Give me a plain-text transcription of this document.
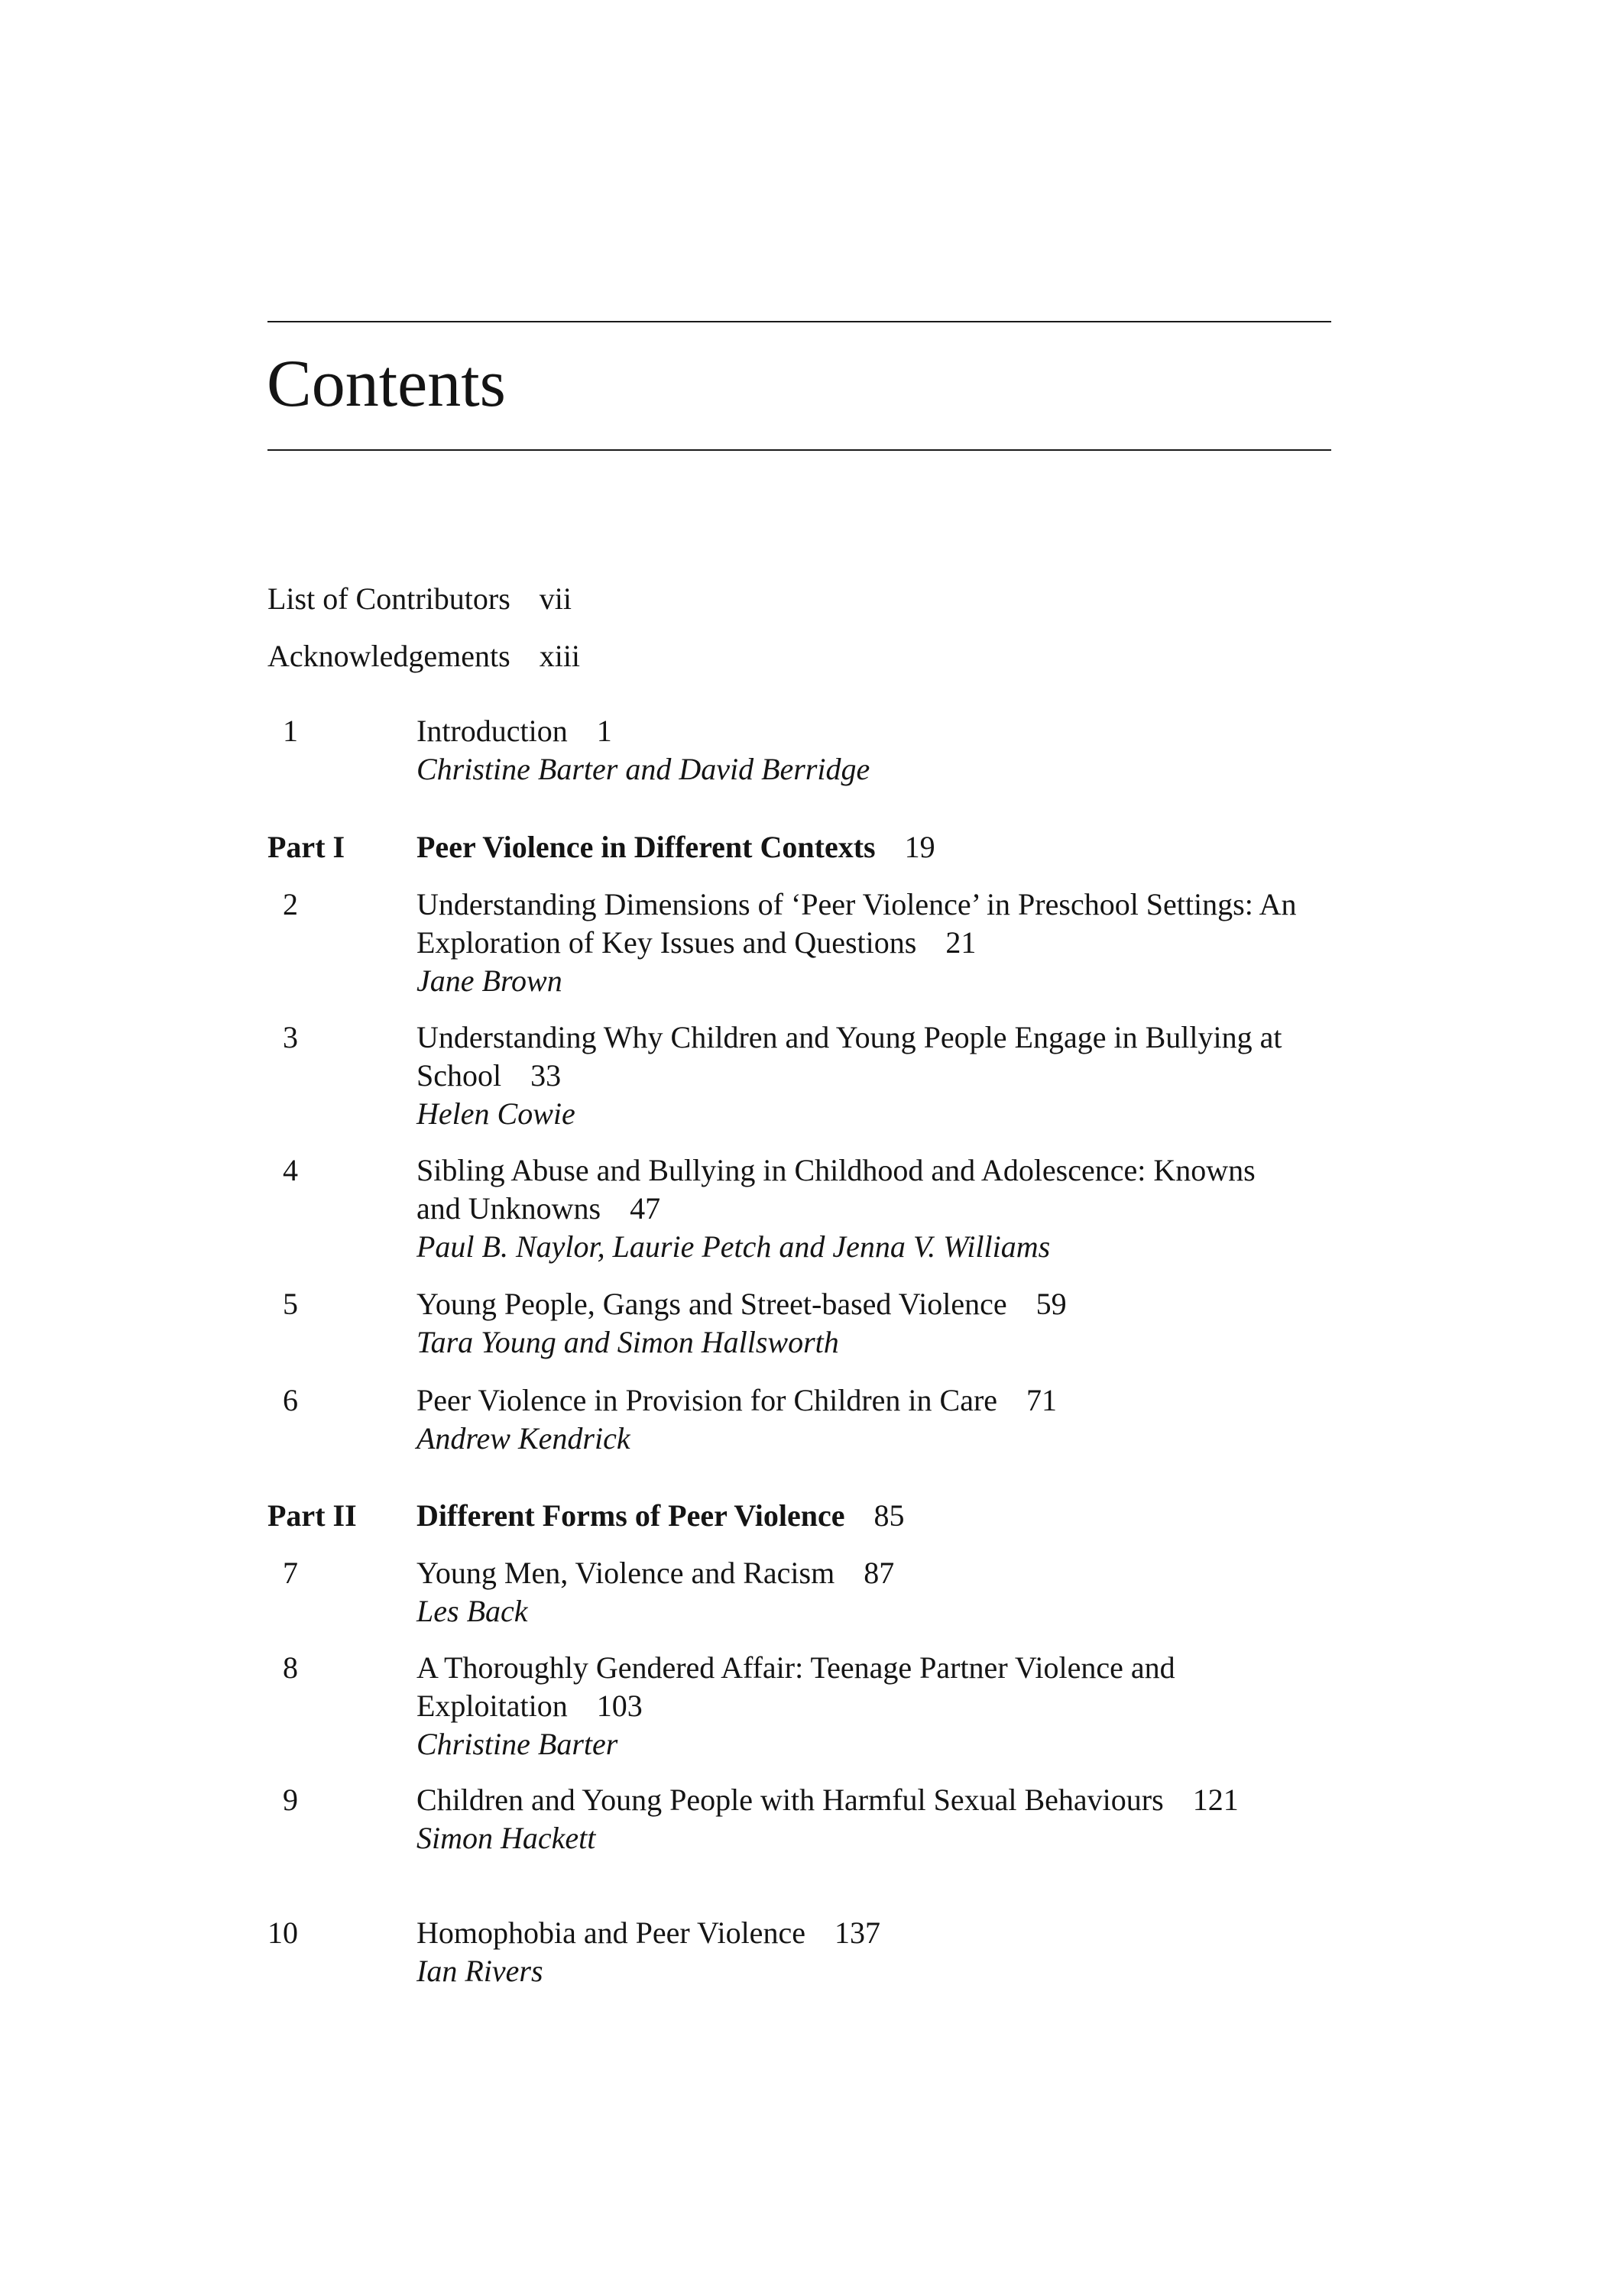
Contents
List of Contributors vii
Acknowledgements xiii
1	Introduction 1
Christine Barter and David Berridge
Part I Peer Violence in Different Contexts 19
2	Understanding Dimensions of ‘Peer Violence’ in Preschool Settings: An Exploration of Key Issues and Questions 21
Jane Brown
3	Understanding Why Children and Young People Engage in Bullying at School 33
Helen Cowie
4	Sibling Abuse and Bullying in Childhood and Adolescence: Knowns and Unknowns 47
Paul B. Naylor, Laurie Petch and Jenna V. Williams
5	Young People, Gangs and Street-based Violence 59
Tara Young and Simon Hallsworth
6	Peer Violence in Provision for Children in Care 71
Andrew Kendrick
Part II Different Forms of Peer Violence 85
7	Young Men, Violence and Racism 87
Les Back
8	A Thoroughly Gendered Affair: Teenage Partner Violence and Exploitation 103
Christine Barter
9	Children and Young People with Harmful Sexual Behaviours 121
Simon Hackett
10	Homophobia and Peer Violence 137
Ian Rivers
